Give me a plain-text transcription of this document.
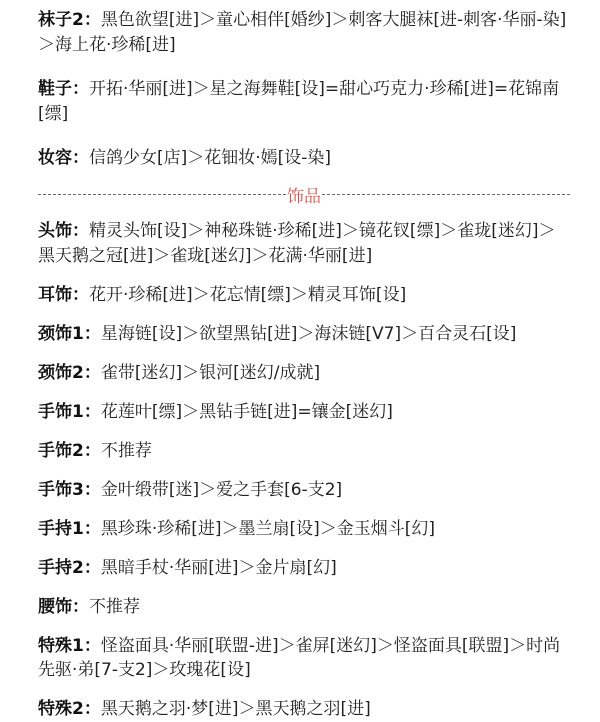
袜子2：黑色欲望[进]＞童心相伴[婚纱]＞刺客大腿袜[进-刺客·华丽-染]＞海上花·珍稀[进]

鞋子：开拓·华丽[进]＞星之海舞鞋[设]=甜心巧克力·珍稀[进]=花锦南[缥]

妆容：信鸽少女[店]＞花钿妆·嫣[设-染]

饰品

头饰：精灵头饰[设]＞神秘珠链·珍稀[进]＞镜花钗[缥]＞雀珑[迷幻]＞黑天鹅之冠[进]＞雀珑[迷幻]＞花满·华丽[进]

耳饰：花开·珍稀[进]＞花忘情[缥]＞精灵耳饰[设]

颈饰1：星海链[设]＞欲望黑钻[进]＞海沫链[V7]＞百合灵石[设]

颈饰2：雀带[迷幻]＞银河[迷幻/成就]

手饰1：花莲叶[缥]＞黑钻手链[进]=镶金[迷幻]

手饰2：不推荐

手饰3：金叶缎带[迷]＞爱之手套[6-支2]

手持1：黑珍珠·珍稀[进]＞墨兰扇[设]＞金玉烟斗[幻]

手持2：黑暗手杖·华丽[进]＞金片扇[幻]

腰饰：不推荐

特殊1：怪盗面具·华丽[联盟-进]＞雀屏[迷幻]＞怪盗面具[联盟]＞时尚先驱·弟[7-支2]＞玫瑰花[设]

特殊2：黑天鹅之羽·梦[进]＞黑天鹅之羽[进]
